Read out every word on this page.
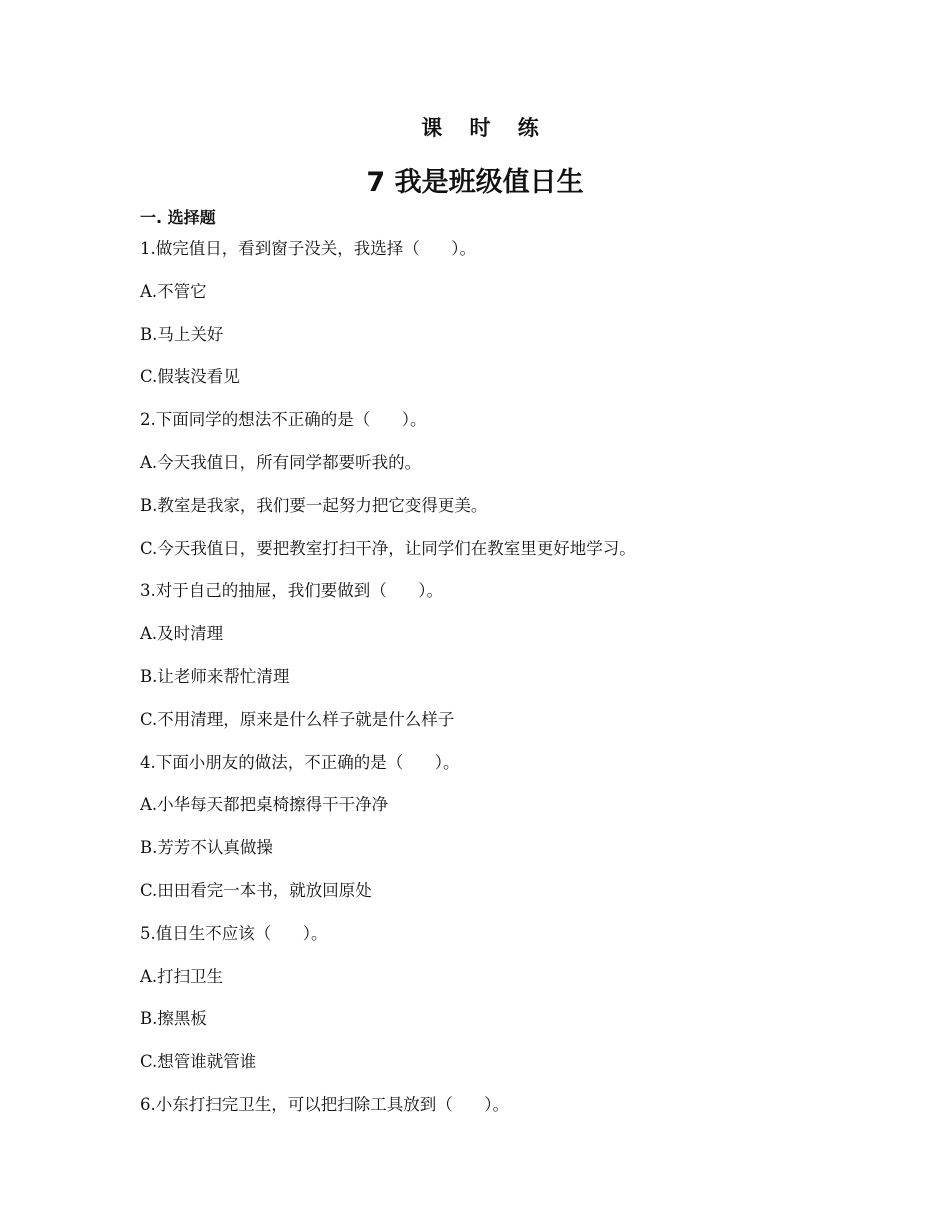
课 时 练
7 我是班级值日生
一. 选择题
1.做完值日，看到窗子没关，我选择（      ）。
A.不管它
B.马上关好
C.假装没看见
2.下面同学的想法不正确的是（      ）。
A.今天我值日，所有同学都要听我的。
B.教室是我家，我们要一起努力把它变得更美。
C.今天我值日，要把教室打扫干净，让同学们在教室里更好地学习。
3.对于自己的抽屉，我们要做到（      ）。
A.及时清理
B.让老师来帮忙清理
C.不用清理，原来是什么样子就是什么样子
4.下面小朋友的做法，不正确的是（      ）。
A.小华每天都把桌椅擦得干干净净
B.芳芳不认真做操
C.田田看完一本书，就放回原处
5.值日生不应该（      ）。
A.打扫卫生
B.擦黑板
C.想管谁就管谁
6.小东打扫完卫生，可以把扫除工具放到（      ）。
